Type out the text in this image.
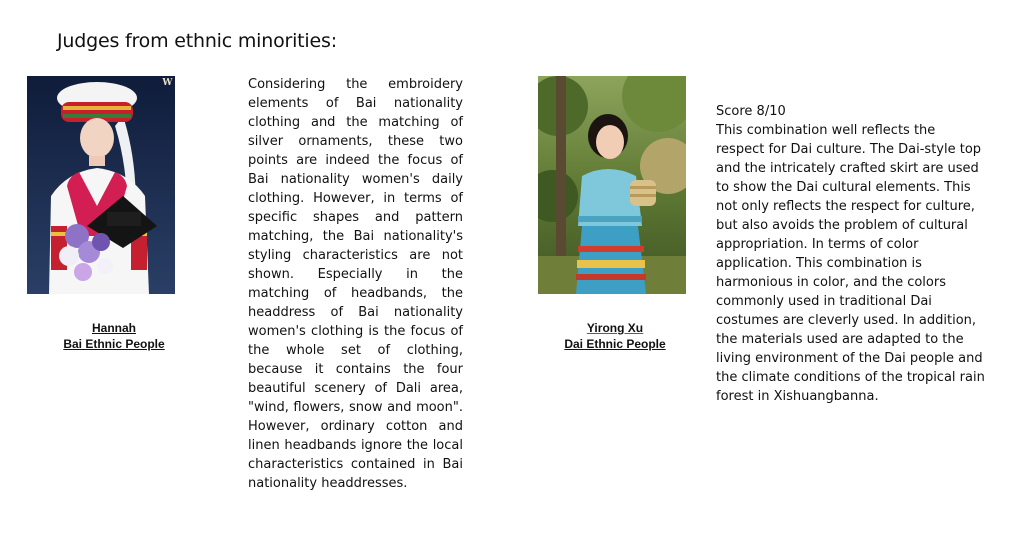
Judges from ethnic minorities:
W
Hannah
Bai Ethnic People
Considering the embroidery elements of Bai nationality clothing and the matching of silver ornaments, these two points are indeed the focus of Bai nationality women's daily clothing. However, in terms of specific shapes and pattern matching, the Bai nationality's styling characteristics are not shown. Especially in the matching of headbands, the headdress of Bai nationality women's clothing is the focus of the whole set of clothing, because it contains the four beautiful scenery of Dali area, "wind, flowers, snow and moon". However, ordinary cotton and linen headbands ignore the local characteristics contained in Bai nationality headdresses.
Yirong Xu
Dai Ethnic People
Score 8/10
This combination well reflects the respect for Dai culture. The Dai-style top and the intricately crafted skirt are used to show the Dai cultural elements. This not only reflects the respect for culture, but also avoids the problem of cultural appropriation. In terms of color application. This combination is harmonious in color, and the colors commonly used in traditional Dai costumes are cleverly used. In addition, the materials used are adapted to the living environment of the Dai people and the climate conditions of the tropical rain forest in Xishuangbanna.
